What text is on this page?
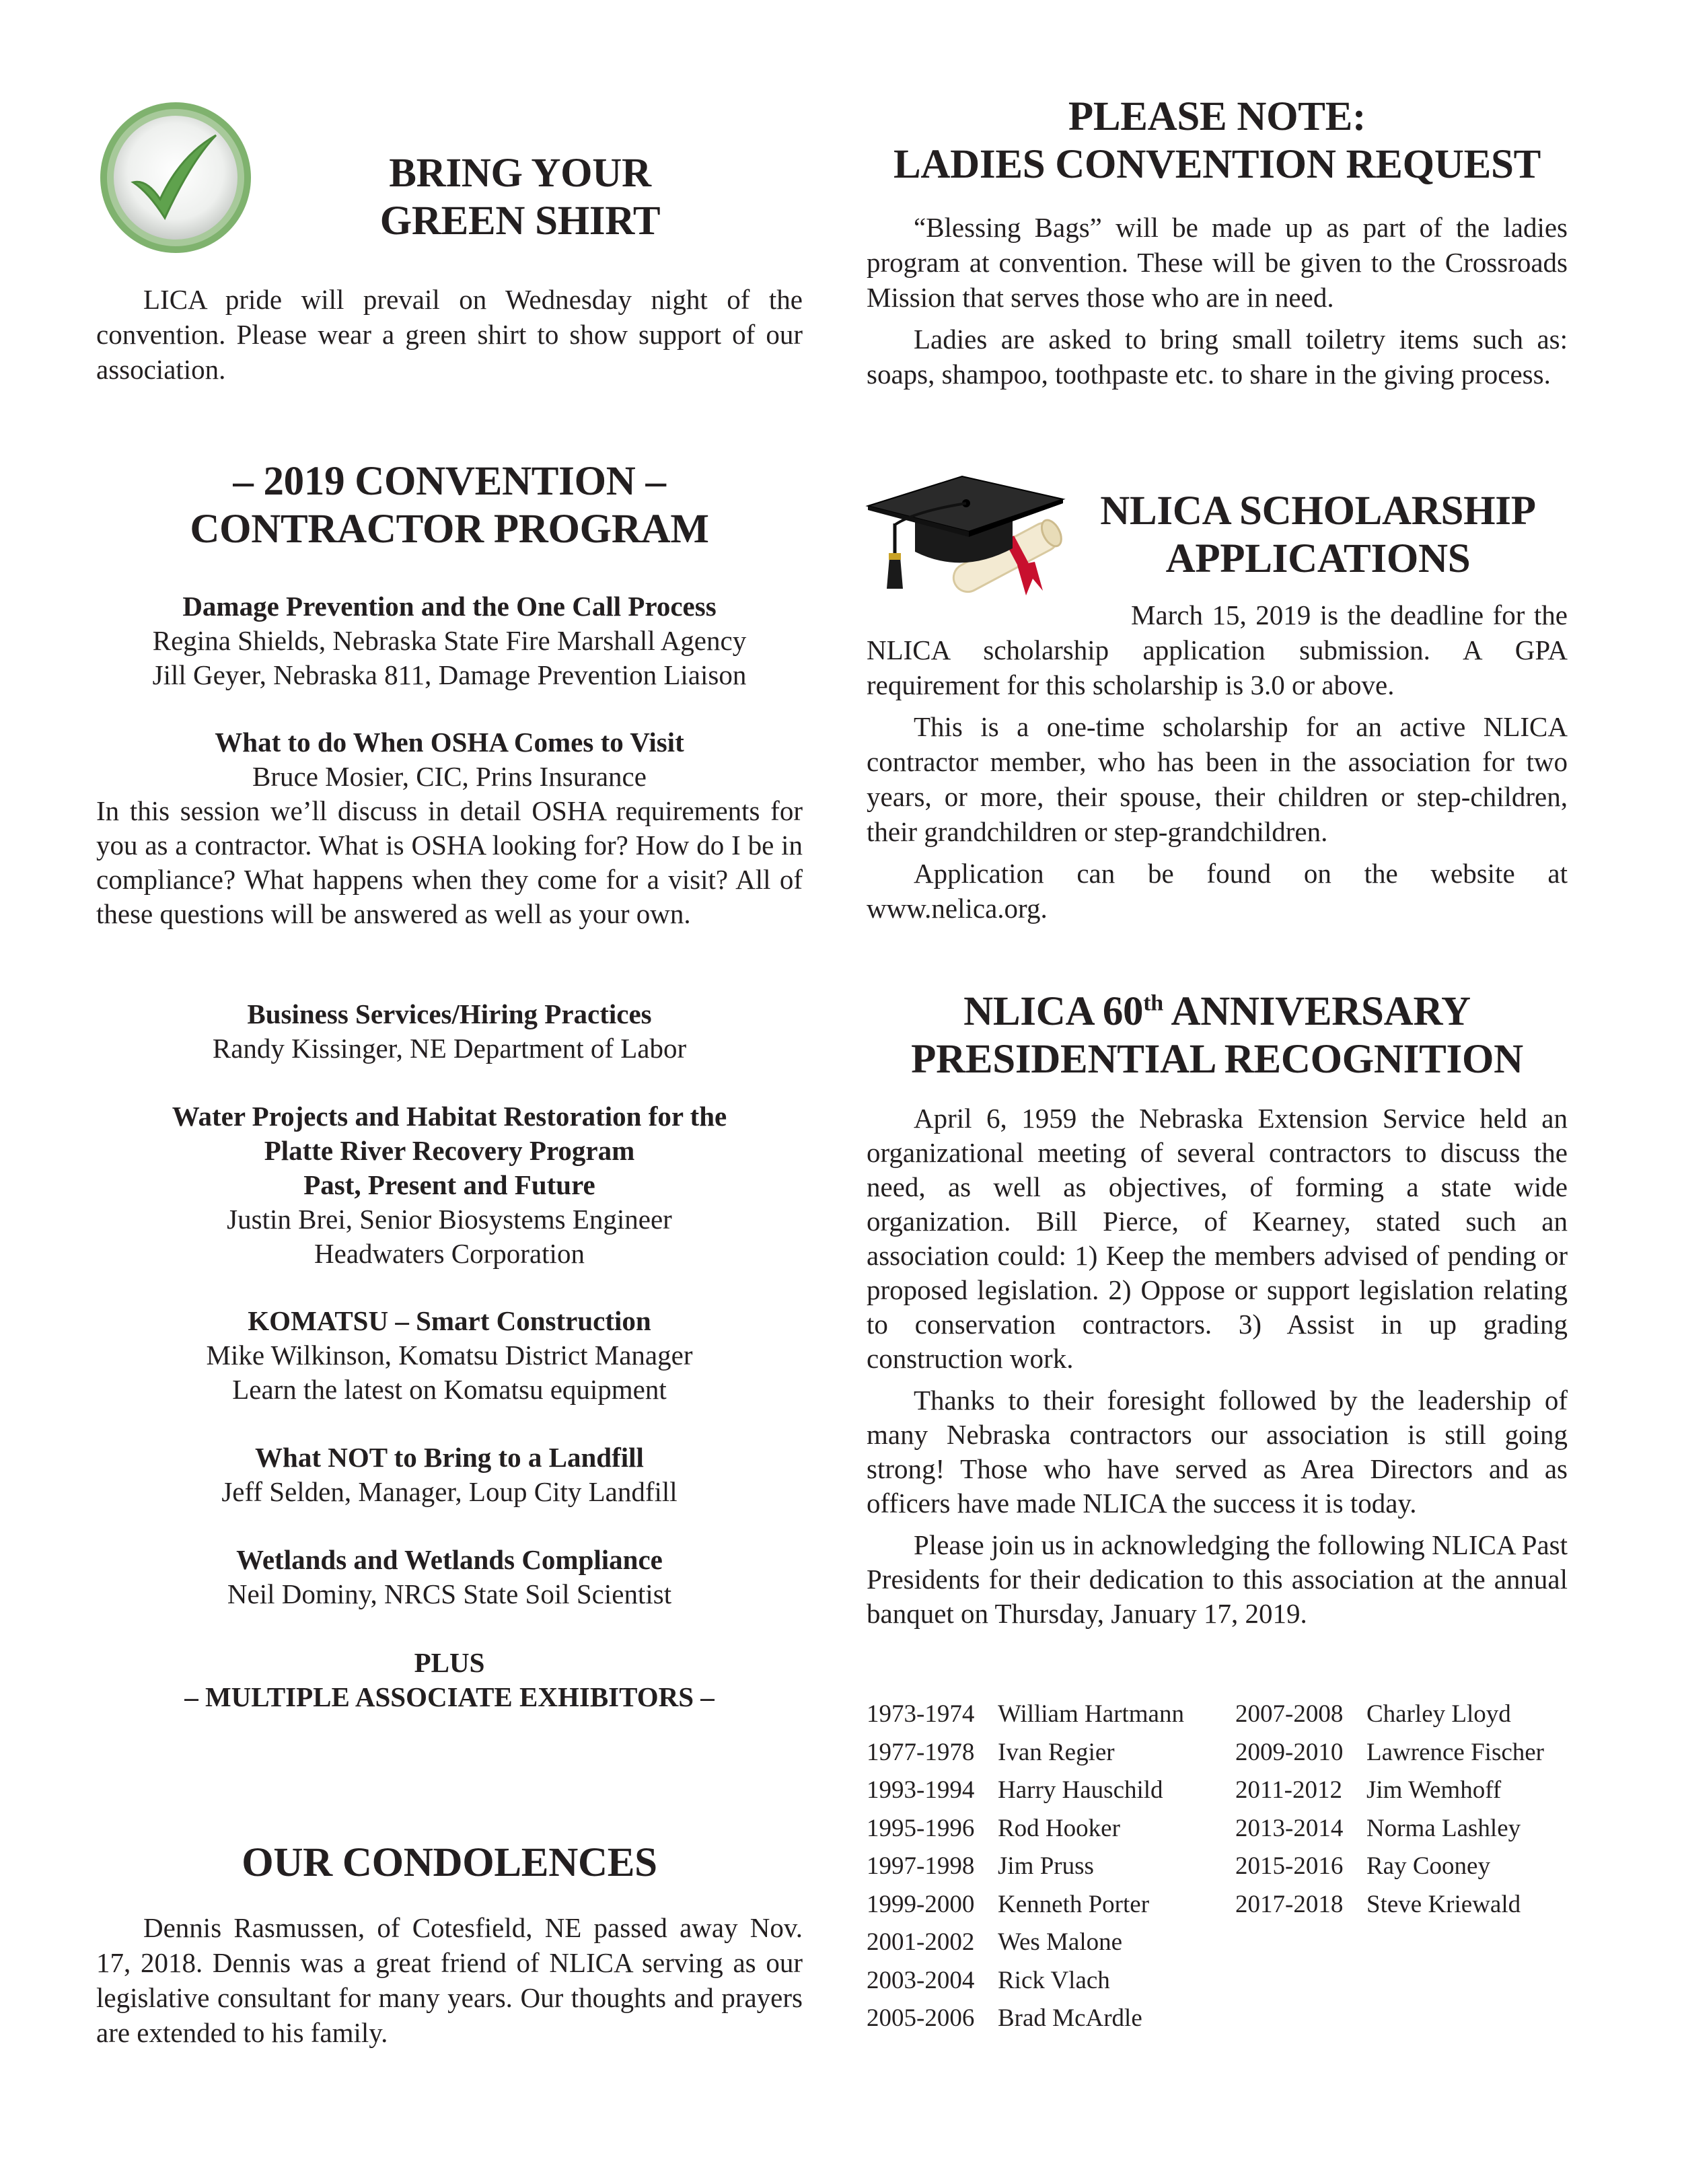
BRING YOUR
GREEN SHIRT

LICA pride will prevail on Wednesday night of the convention. Please wear a green shirt to show support of our association.

– 2019 CONVENTION –
CONTRACTOR PROGRAM
Damage Prevention and the One Call Process
Regina Shields, Nebraska State Fire Marshall Agency
Jill Geyer, Nebraska 811, Damage Prevention Liaison
What to do When OSHA Comes to Visit
Bruce Mosier, CIC, Prins Insurance

In this session we’ll discuss in detail OSHA requirements for you as a contractor. What is OSHA looking for? How do I be in compliance? What happens when they come for a visit? All of these questions will be answered as well as your own.

Business Services/Hiring Practices
Randy Kissinger, NE Department of Labor
Water Projects and Habitat Restoration for the
Platte River Recovery Program
Past, Present and Future
Justin Brei, Senior Biosystems Engineer
Headwaters Corporation
KOMATSU – Smart Construction
Mike Wilkinson, Komatsu District Manager
Learn the latest on Komatsu equipment
What NOT to Bring to a Landfill
Jeff Selden, Manager, Loup City Landfill
Wetlands and Wetlands Compliance
Neil Dominy, NRCS State Soil Scientist
PLUS
– MULTIPLE ASSOCIATE EXHIBITORS –
OUR CONDOLENCES

Dennis Rasmussen, of Cotesfield, NE passed away Nov. 17, 2018. Dennis was a great friend of NLICA serving as our legislative consultant for many years. Our thoughts and prayers are extended to his family.

PLEASE NOTE:
LADIES CONVENTION REQUEST

“Blessing Bags” will be made up as part of the ladies program at convention. These will be given to the Crossroads Mission that serves those who are in need.

Ladies are asked to bring small toiletry items such as: soaps, shampoo, toothpaste etc. to share in the giving process.

NLICA SCHOLARSHIP
APPLICATIONS

March 15, 2019 is the deadline for the NLICA scholarship application submission. A GPA requirement for this scholarship is 3.0 or above.

This is a one-time scholarship for an active NLICA contractor member, who has been in the association for two years, or more, their spouse, their children or step-children, their grandchildren or step-grandchildren.

Application can be found on the website at www.nelica.org.

NLICA 60th ANNIVERSARY
PRESIDENTIAL RECOGNITION

April 6, 1959 the Nebraska Extension Service held an organizational meeting of several contractors to discuss the need, as well as objectives, of forming a state wide organization. Bill Pierce, of Kearney, stated such an association could: 1) Keep the members advised of pending or proposed legislation. 2) Oppose or support legislation relating to conservation contractors. 3) Assist in up grading construction work.

Thanks to their foresight followed by the leadership of many Nebraska contractors our association is still going strong! Those who have served as Area Directors and as officers have made NLICA the success it is today.

Please join us in acknowledging the following NLICA Past Presidents for their dedication to this association at the annual banquet on Thursday, January 17, 2019.

1973-1974 William Hartmann
1977-1978 Ivan Regier
1993-1994 Harry Hauschild
1995-1996 Rod Hooker
1997-1998 Jim Pruss
1999-2000 Kenneth Porter
2001-2002 Wes Malone
2003-2004 Rick Vlach
2005-2006 Brad McArdle
2007-2008 Charley Lloyd
2009-2010 Lawrence Fischer
2011-2012 Jim Wemhoff
2013-2014 Norma Lashley
2015-2016 Ray Cooney
2017-2018 Steve Kriewald
